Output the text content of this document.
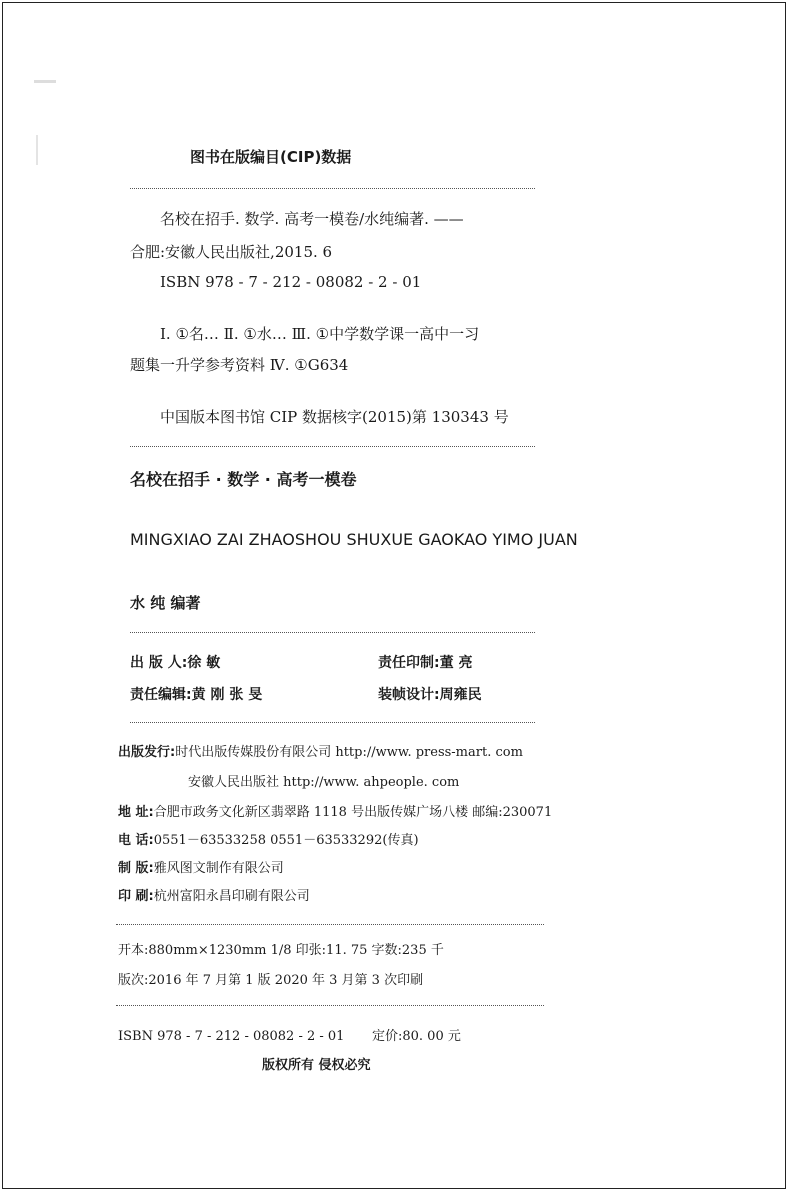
图书在版编目(CIP)数据
名校在招手. 数学. 高考一模卷/水纯编著. ——
合肥:安徽人民出版社,2015. 6
ISBN 978 - 7 - 212 - 08082 - 2 - 01
Ⅰ. ①名… Ⅱ. ①水… Ⅲ. ①中学数学课一高中一习
题集一升学参考资料 Ⅳ. ①G634
中国版本图书馆 CIP 数据核字(2015)第 130343 号
名校在招手 · 数学 · 高考一模卷
MINGXIAO ZAI ZHAOSHOU SHUXUE GAOKAO YIMO JUAN
水 纯 编著
出 版 人:徐 敏	责任印制:董 亮
责任编辑:黄 刚 张 旻	装帧设计:周雍民
出版发行:时代出版传媒股份有限公司 http://www. press-mart. com
安徽人民出版社 http://www. ahpeople. com
地 址:合肥市政务文化新区翡翠路 1118 号出版传媒广场八楼 邮编:230071
电 话:0551－63533258 0551－63533292(传真)
制 版:雅风图文制作有限公司
印 刷:杭州富阳永昌印刷有限公司
开本:880mm×1230mm 1/8 印张:11. 75 字数:235 千
版次:2016 年 7 月第 1 版 2020 年 3 月第 3 次印刷
ISBN 978 - 7 - 212 - 08082 - 2 - 01 定价:80. 00 元
版权所有 侵权必究
